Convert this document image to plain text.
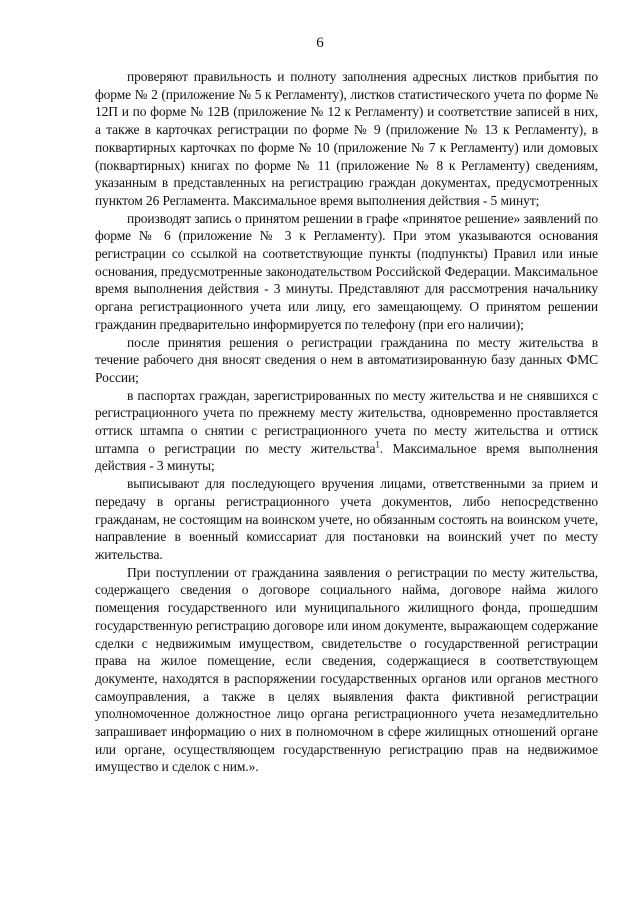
6

проверяют правильность и полноту заполнения адресных листков прибытия по форме № 2 (приложение № 5 к Регламенту), листков статистического учета по форме № 12П и по форме № 12В (приложение № 12 к Регламенту) и соответствие записей в них, а также в карточках регистрации по форме № 9 (приложение № 13 к Регламенту), в поквартирных карточках по форме № 10 (приложение № 7 к Регламенту) или домовых (поквартирных) книгах по форме № 11 (приложение № 8 к Регламенту) сведениям, указанным в представленных на регистрацию граждан документах, предусмотренных пунктом 26 Регламента. Максимальное время выполнения действия - 5 минут;

производят запись о принятом решении в графе «принятое решение» заявлений по форме № 6 (приложение № 3 к Регламенту). При этом указываются основания регистрации со ссылкой на соответствующие пункты (подпункты) Правил или иные основания, предусмотренные законодательством Российской Федерации. Максимальное время выполнения действия - 3 минуты. Представляют для рассмотрения начальнику органа регистрационного учета или лицу, его замещающему. О принятом решении гражданин предварительно информируется по телефону (при его наличии);

после принятия решения о регистрации гражданина по месту жительства в течение рабочего дня вносят сведения о нем в автоматизированную базу данных ФМС России;

в паспортах граждан, зарегистрированных по месту жительства и не снявшихся с регистрационного учета по прежнему месту жительства, одновременно проставляется оттиск штампа о снятии с регистрационного учета по месту жительства и оттиск штампа о регистрации по месту жительства$^1$. Максимальное время выполнения действия - 3 минуты;

выписывают для последующего вручения лицами, ответственными за прием и передачу в органы регистрационного учета документов, либо непосредственно гражданам, не состоящим на воинском учете, но обязанным состоять на воинском учете, направление в военный комиссариат для постановки на воинский учет по месту жительства.

При поступлении от гражданина заявления о регистрации по месту жительства, содержащего сведения о договоре социального найма, договоре найма жилого помещения государственного или муниципального жилищного фонда, прошедшим государственную регистрацию договоре или ином документе, выражающем содержание сделки с недвижимым имуществом, свидетельстве о государственной регистрации права на жилое помещение, если сведения, содержащиеся в соответствующем документе, находятся в распоряжении государственных органов или органов местного самоуправления, а также в целях выявления факта фиктивной регистрации уполномоченное должностное лицо органа регистрационного учета незамедлительно запрашивает информацию о них в полномочном в сфере жилищных отношений органе или органе, осуществляющем государственную регистрацию прав на недвижимое имущество и сделок с ним.».
